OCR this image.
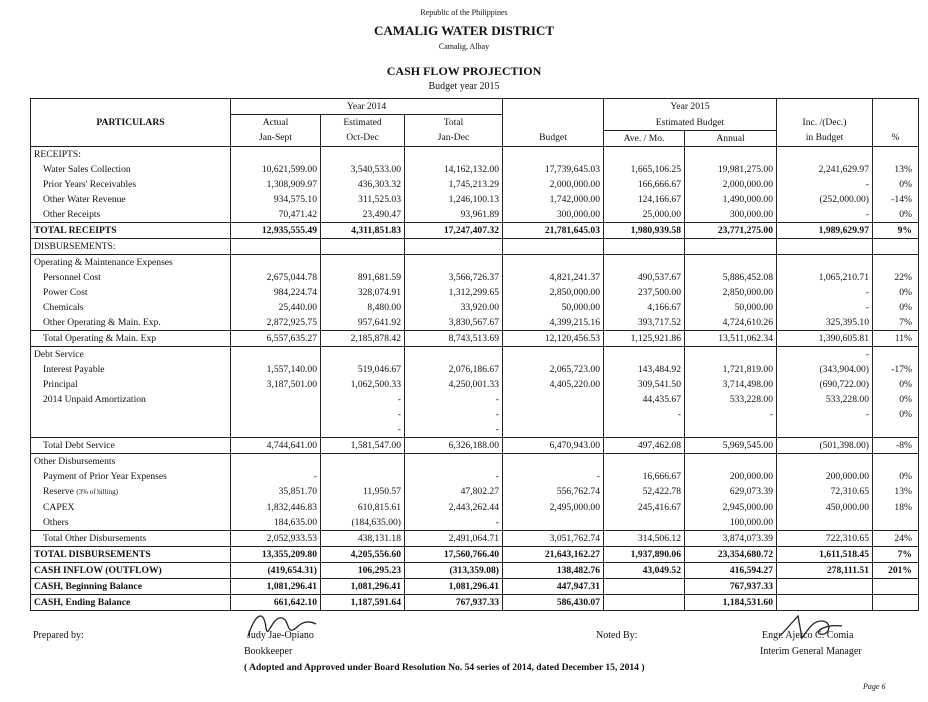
Republic of the Philippines
CAMALIG WATER DISTRICT
Camalig, Albay
CASH FLOW PROJECTION
Budget year 2015
	Year 2014				Year 2015			
PARTICULARS	Actual	Estimated	Total		Estimated Budget		Inc. /(Dec.)	
	Jan-Sept	Oct-Dec	Jan-Dec	Budget	Ave. / Mo.	Annual	in Budget	%
RECEIPTS:								
Water Sales Collection	10,621,599.00	3,540,533.00	14,162,132.00	17,739,645.03	1,665,106.25	19,981,275.00	2,241,629.97	13%
Prior Years' Receivables	1,308,909.97	436,303.32	1,745,213.29	2,000,000.00	166,666.67	2,000,000.00	-	0%
Other Water Revenue	934,575.10	311,525.03	1,246,100.13	1,742,000.00	124,166.67	1,490,000.00	(252,000.00)	-14%
Other Receipts	70,471.42	23,490.47	93,961.89	300,000.00	25,000.00	300,000.00	-	0%
TOTAL RECEIPTS	12,935,555.49	4,311,851.83	17,247,407.32	21,781,645.03	1,980,939.58	23,771,275.00	1,989,629.97	9%
DISBURSEMENTS:								
Operating & Maintenance Expenses								
Personnel Cost	2,675,044.78	891,681.59	3,566,726.37	4,821,241.37	490,537.67	5,886,452.08	1,065,210.71	22%
Power Cost	984,224.74	328,074.91	1,312,299.65	2,850,000.00	237,500.00	2,850,000.00	-	0%
Chemicals	25,440.00	8,480.00	33,920.00	50,000.00	4,166.67	50,000.00	-	0%
Other Operating & Main. Exp.	2,872,925.75	957,641.92	3,830,567.67	4,399,215.16	393,717.52	4,724,610.26	325,395.10	7%
Total Operating & Main. Exp	6,557,635.27	2,185,878.42	8,743,513.69	12,120,456.53	1,125,921.86	13,511,062.34	1,390,605.81	11%
Debt Service							-	
Interest Payable	1,557,140.00	519,046.67	2,076,186.67	2,065,723.00	143,484.92	1,721,819.00	(343,904.00)	-17%
Principal	3,187,501.00	1,062,500.33	4,250,001.33	4,405,220.00	309,541.50	3,714,498.00	(690,722.00)	0%
2014 Unpaid Amortization		-	-		44,435.67	533,228.00	533,228.00	0%
		-	-		-	-	-	0%
		-	-					
Total Debt Service	4,744,641.00	1,581,547.00	6,326,188.00	6,470,943.00	497,462.08	5,969,545.00	(501,398.00)	-8%
Other Disbursements								
Payment of Prior Year Expenses	-		-	-	16,666.67	200,000.00	200,000.00	0%
Reserve (3% of billing)	35,851.70	11,950.57	47,802.27	556,762.74	52,422.78	629,073.39	72,310.65	13%
CAPEX	1,832,446.83	610,815.61	2,443,262.44	2,495,000.00	245,416.67	2,945,000.00	450,000.00	18%
Others	184,635.00	(184,635.00)	-			100,000.00		
Total Other Disbursements	2,052,933.53	438,131.18	2,491,064.71	3,051,762.74	314,506.12	3,874,073.39	722,310.65	24%
TOTAL DISBURSEMENTS	13,355,209.80	4,205,556.60	17,560,766.40	21,643,162.27	1,937,890.06	23,354,680.72	1,611,518.45	7%
CASH INFLOW (OUTFLOW)	(419,654.31)	106,295.23	(313,359.08)	138,482.76	43,049.52	416,594.27	278,111.51	201%
CASH, Beginning Balance	1,081,296.41	1,081,296.41	1,081,296.41	447,947.31		767,937.33		
CASH, Ending Balance	661,642.10	1,187,591.64	767,937.33	586,430.07		1,184,531.60		
Prepared by:	Judy Jae-Opiano
Bookkeeper
Noted By:	Engr. Ajerco C. Comia
Interim General Manager
( Adopted and Approved under Board Resolution No. 54 series of 2014, dated December 15, 2014 )
Page 6
